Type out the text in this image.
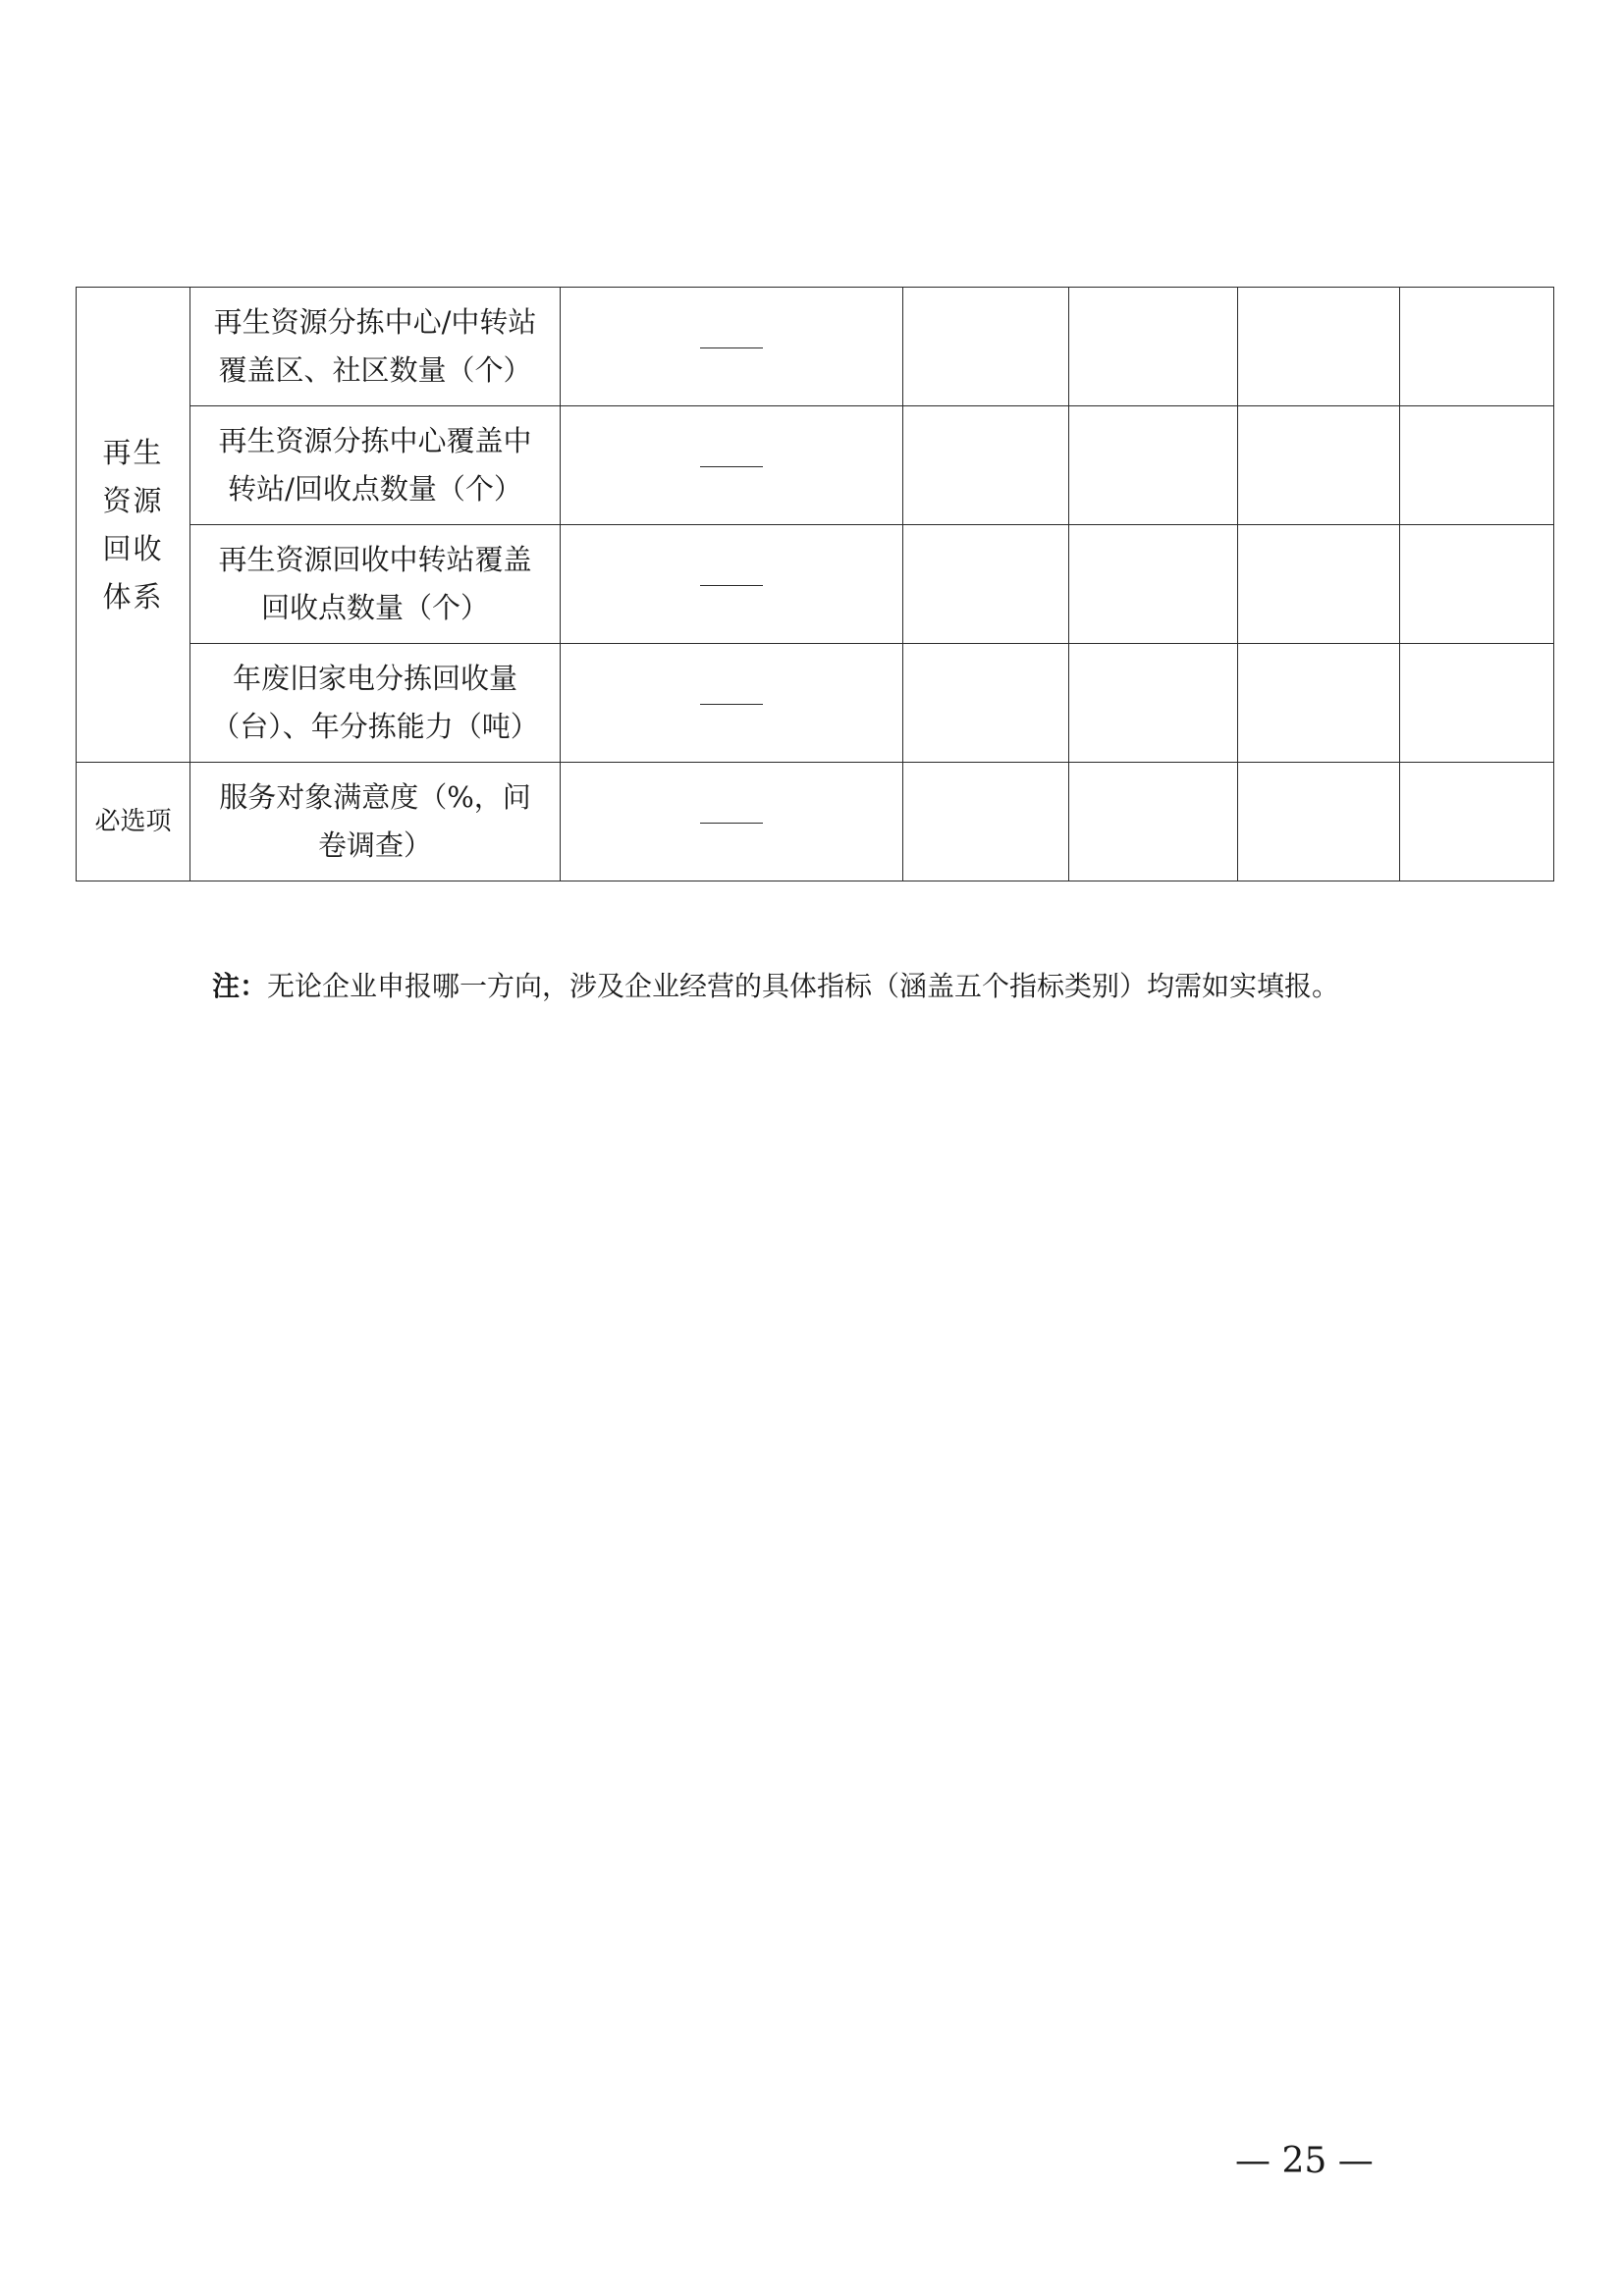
再生
资源
回收
体系	再生资源分拣中心/中转站
覆盖区、社区数量（个）					

	再生资源分拣中心覆盖中
转站/回收点数量（个）					

	再生资源回收中转站覆盖
回收点数量（个）					

	年废旧家电分拣回收量
（台）、年分拣能力（吨）					

必选项	服务对象满意度（%，问
卷调查）					

注：无论企业申报哪一方向，涉及企业经营的具体指标（涵盖五个指标类别）均需如实填报。
— 25 —
